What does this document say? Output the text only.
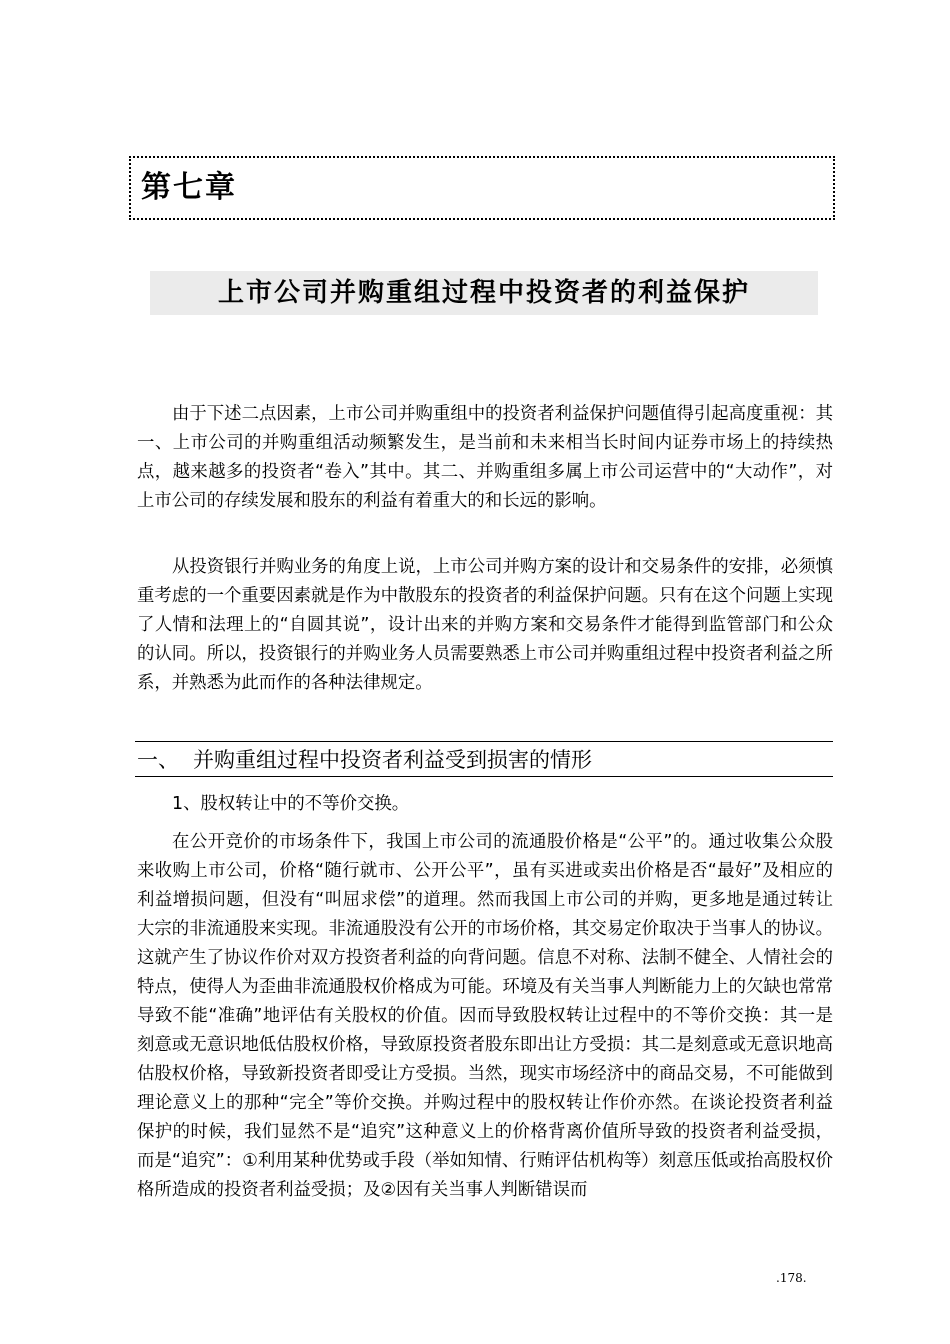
第七章
上市公司并购重组过程中投资者的利益保护

由于下述二点因素，上市公司并购重组中的投资者利益保护问题值得引起高度重视：其一、上市公司的并购重组活动频繁发生，是当前和未来相当长时间内证券市场上的持续热点，越来越多的投资者“卷入”其中。其二、并购重组多属上市公司运营中的“大动作”，对上市公司的存续发展和股东的利益有着重大的和长远的影响。

从投资银行并购业务的角度上说，上市公司并购方案的设计和交易条件的安排，必须慎重考虑的一个重要因素就是作为中散股东的投资者的利益保护问题。只有在这个问题上实现了人情和法理上的“自圆其说”，设计出来的并购方案和交易条件才能得到监管部门和公众的认同。所以，投资银行的并购业务人员需要熟悉上市公司并购重组过程中投资者利益之所系，并熟悉为此而作的各种法律规定。

一、 并购重组过程中投资者利益受到损害的情形
1、股权转让中的不等价交换。

在公开竞价的市场条件下，我国上市公司的流通股价格是“公平”的。通过收集公众股来收购上市公司，价格“随行就市、公开公平”，虽有买进或卖出价格是否“最好”及相应的利益增损问题，但没有“叫屈求偿”的道理。然而我国上市公司的并购，更多地是通过转让大宗的非流通股来实现。非流通股没有公开的市场价格，其交易定价取决于当事人的协议。这就产生了协议作价对双方投资者利益的向背问题。信息不对称、法制不健全、人情社会的特点，使得人为歪曲非流通股权价格成为可能。环境及有关当事人判断能力上的欠缺也常常导致不能“准确”地评估有关股权的价值。因而导致股权转让过程中的不等价交换：其一是刻意或无意识地低估股权价格，导致原投资者股东即出让方受损：其二是刻意或无意识地高估股权价格，导致新投资者即受让方受损。当然，现实市场经济中的商品交易，不可能做到理论意义上的那种“完全”等价交换。并购过程中的股权转让作价亦然。在谈论投资者利益保护的时候，我们显然不是“追究”这种意义上的价格背离价值所导致的投资者利益受损，而是“追究”：①利用某种优势或手段（举如知情、行贿评估机构等）刻意压低或抬高股权价格所造成的投资者利益受损；及②因有关当事人判断错误而

.178.
